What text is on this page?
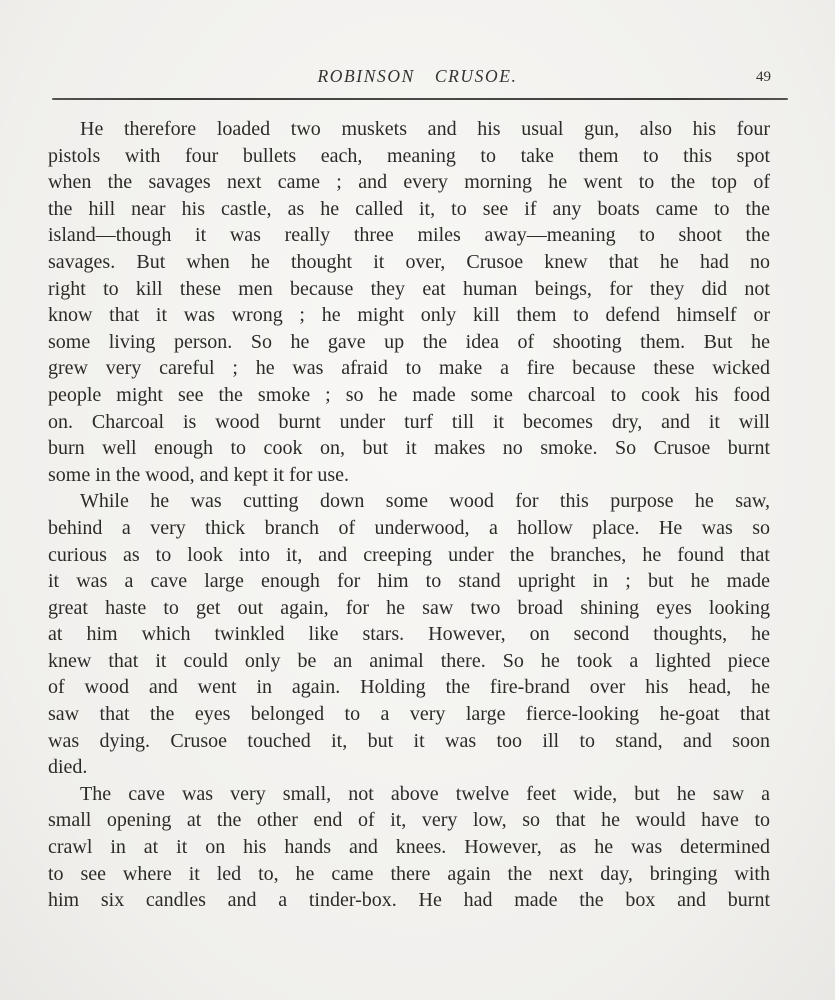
ROBINSON CRUSOE.	49
He therefore loaded two muskets and his usual gun, also his four
pistols with four bullets each, meaning to take them to this spot
when the savages next came ; and every morning he went to the top of
the hill near his castle, as he called it, to see if any boats came to the
island—though it was really three miles away—meaning to shoot the
savages. But when he thought it over, Crusoe knew that he had no
right to kill these men because they eat human beings, for they did not
know that it was wrong ; he might only kill them to defend himself or
some living person. So he gave up the idea of shooting them. But he
grew very careful ; he was afraid to make a fire because these wicked
people might see the smoke ; so he made some charcoal to cook his food
on. Charcoal is wood burnt under turf till it becomes dry, and it will
burn well enough to cook on, but it makes no smoke. So Crusoe burnt
some in the wood, and kept it for use.
While he was cutting down some wood for this purpose he saw,
behind a very thick branch of underwood, a hollow place. He was so
curious as to look into it, and creeping under the branches, he found that
it was a cave large enough for him to stand upright in ; but he made
great haste to get out again, for he saw two broad shining eyes looking
at him which twinkled like stars. However, on second thoughts, he
knew that it could only be an animal there. So he took a lighted piece
of wood and went in again. Holding the fire-brand over his head, he
saw that the eyes belonged to a very large fierce-looking he-goat that
was dying. Crusoe touched it, but it was too ill to stand, and soon
died.
The cave was very small, not above twelve feet wide, but he saw a
small opening at the other end of it, very low, so that he would have to
crawl in at it on his hands and knees. However, as he was determined
to see where it led to, he came there again the next day, bringing with
him six candles and a tinder-box. He had made the box and burnt
